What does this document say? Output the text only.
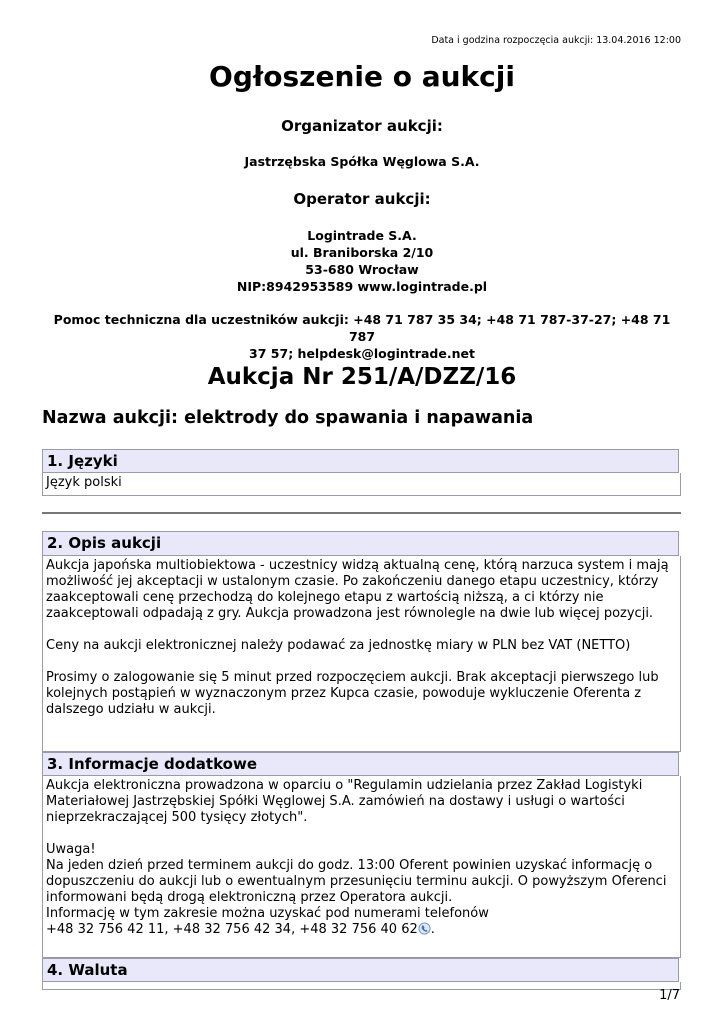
Data i godzina rozpoczęcia aukcji: 13.04.2016 12:00
Ogłoszenie o aukcji
Organizator aukcji:
Jastrzębska Spółka Węglowa S.A.
Operator aukcji:
Logintrade S.A.
ul. Braniborska 2/10
53-680 Wrocław
NIP:8942953589 www.logintrade.pl
Pomoc techniczna dla uczestników aukcji: +48 71 787 35 34; +48 71 787-37-27; +48 71 787
37 57; helpdesk@logintrade.net
Aukcja Nr 251/A/DZZ/16
Nazwa aukcji: elektrody do spawania i napawania
1. Języki
Język polski
2. Opis aukcji
Aukcja japońska multiobiektowa - uczestnicy widzą aktualną cenę, którą narzuca system i mają
możliwość jej akceptacji w ustalonym czasie. Po zakończeniu danego etapu uczestnicy, którzy
zaakceptowali cenę przechodzą do kolejnego etapu z wartością niższą, a ci którzy nie
zaakceptowali odpadają z gry. Aukcja prowadzona jest równolegle na dwie lub więcej pozycji.
Ceny na aukcji elektronicznej należy podawać za jednostkę miary w PLN bez VAT (NETTO)
Prosimy o zalogowanie się 5 minut przed rozpoczęciem aukcji. Brak akceptacji pierwszego lub
kolejnych postąpień w wyznaczonym przez Kupca czasie, powoduje wykluczenie Oferenta z
dalszego udziału w aukcji.
3. Informacje dodatkowe
Aukcja elektroniczna prowadzona w oparciu o "Regulamin udzielania przez Zakład Logistyki
Materiałowej Jastrzębskiej Spółki Węglowej S.A. zamówień na dostawy i usługi o wartości
nieprzekraczającej 500 tysięcy złotych".
Uwaga!
Na jeden dzień przed terminem aukcji do godz. 13:00 Oferent powinien uzyskać informację o
dopuszczeniu do aukcji lub o ewentualnym przesunięciu terminu aukcji. O powyższym Oferenci
informowani będą drogą elektroniczną przez Operatora aukcji.
Informację w tym zakresie można uzyskać pod numerami telefonów
+48 32 756 42 11, +48 32 756 42 34, +48 32 756 40 62 .
4. Waluta
1/7
